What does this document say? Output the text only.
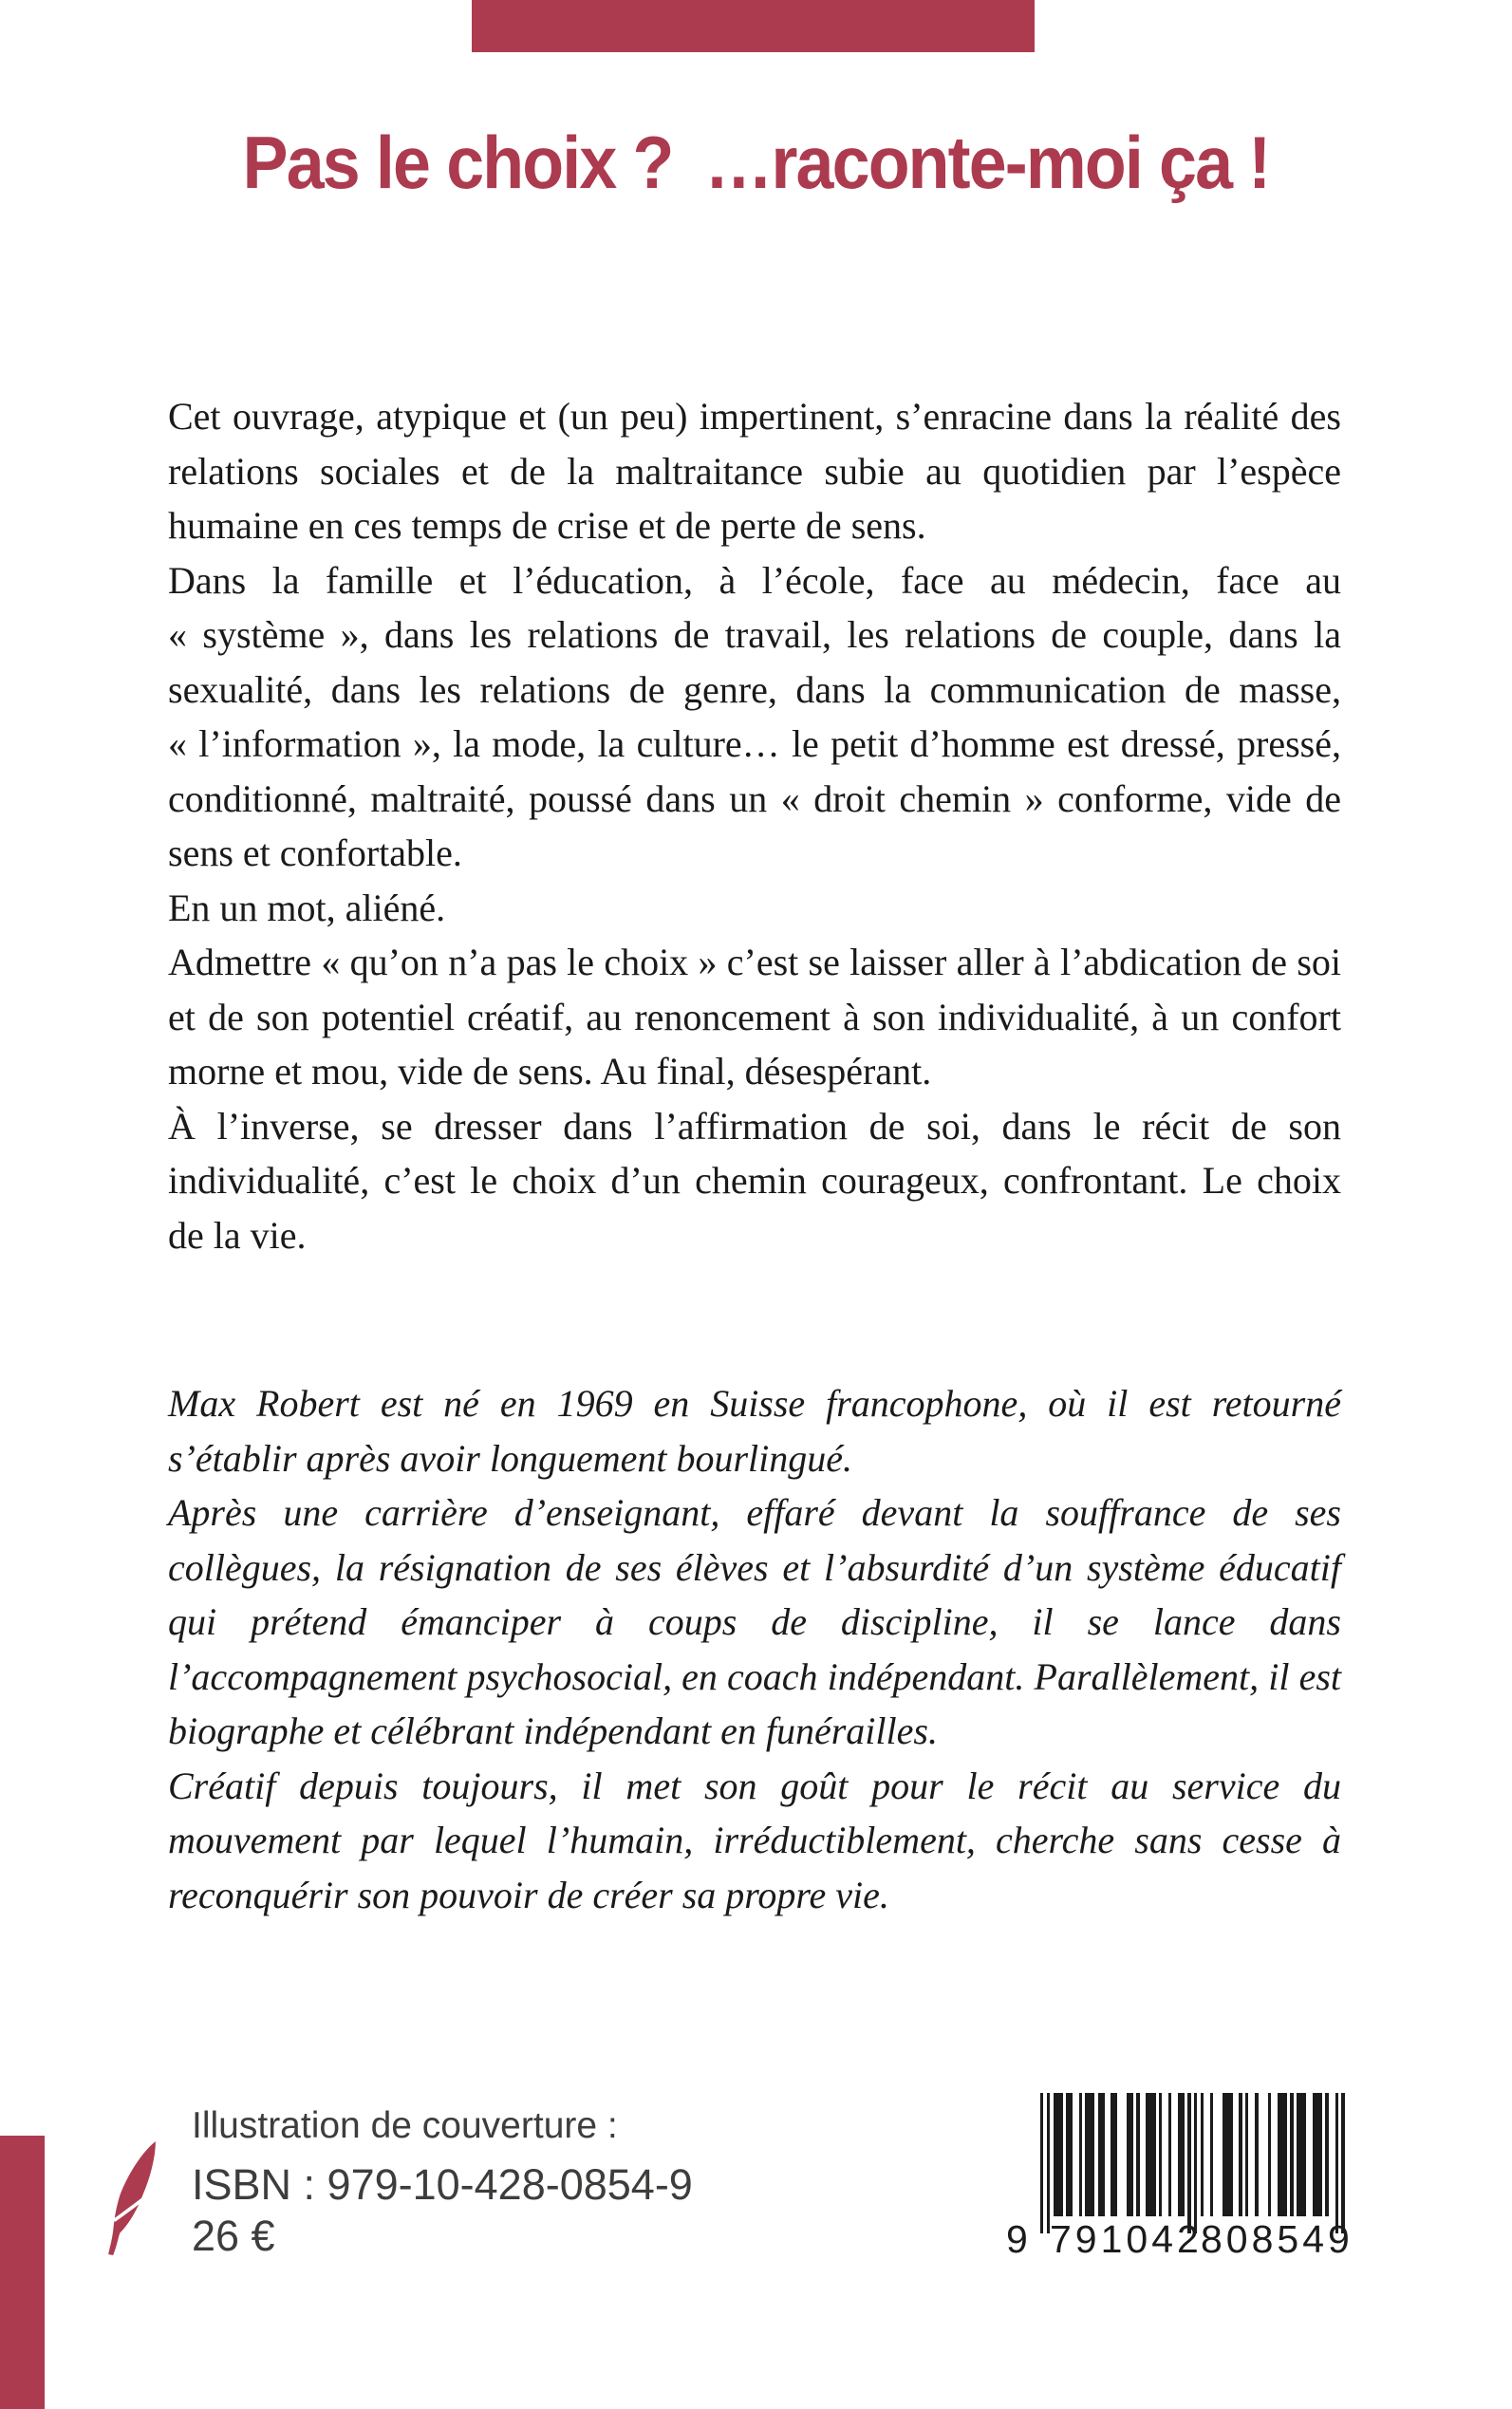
Pas le choix ? …raconte-moi ça !

Cet ouvrage, atypique et (un peu) impertinent, s’enracine dans la réalité des relations sociales et de la maltraitance subie au quotidien par l’espèce humaine en ces temps de crise et de perte de sens.

Dans la famille et l’éducation, à l’école, face au médecin, face au « système », dans les relations de travail, les relations de couple, dans la sexualité, dans les relations de genre, dans la communication de masse, « l’information », la mode, la culture… le petit d’homme est dressé, pressé, conditionné, maltraité, poussé dans un « droit chemin » conforme, vide de sens et confortable.

En un mot, aliéné.

Admettre « qu’on n’a pas le choix » c’est se laisser aller à l’abdication de soi et de son potentiel créatif, au renoncement à son individualité, à un confort morne et mou, vide de sens. Au final, désespérant.

À l’inverse, se dresser dans l’affirmation de soi, dans le récit de son individualité, c’est le choix d’un chemin courageux, confrontant. Le choix de la vie.

Max Robert est né en 1969 en Suisse francophone, où il est retourné s’établir après avoir longuement bourlingué.

Après une carrière d’enseignant, effaré devant la souffrance de ses collègues, la résignation de ses élèves et l’absurdité d’un système éducatif qui prétend émanciper à coups de discipline, il se lance dans l’accompagnement psychosocial, en coach indépendant. Parallèlement, il est biographe et célébrant indépendant en funérailles.

Créatif depuis toujours, il met son goût pour le récit au service du mouvement par lequel l’humain, irréductiblement, cherche sans cesse à reconquérir son pouvoir de créer sa propre vie.

Illustration de couverture :
ISBN : 979-10-428-0854-9
26 €	9 791042
808549
